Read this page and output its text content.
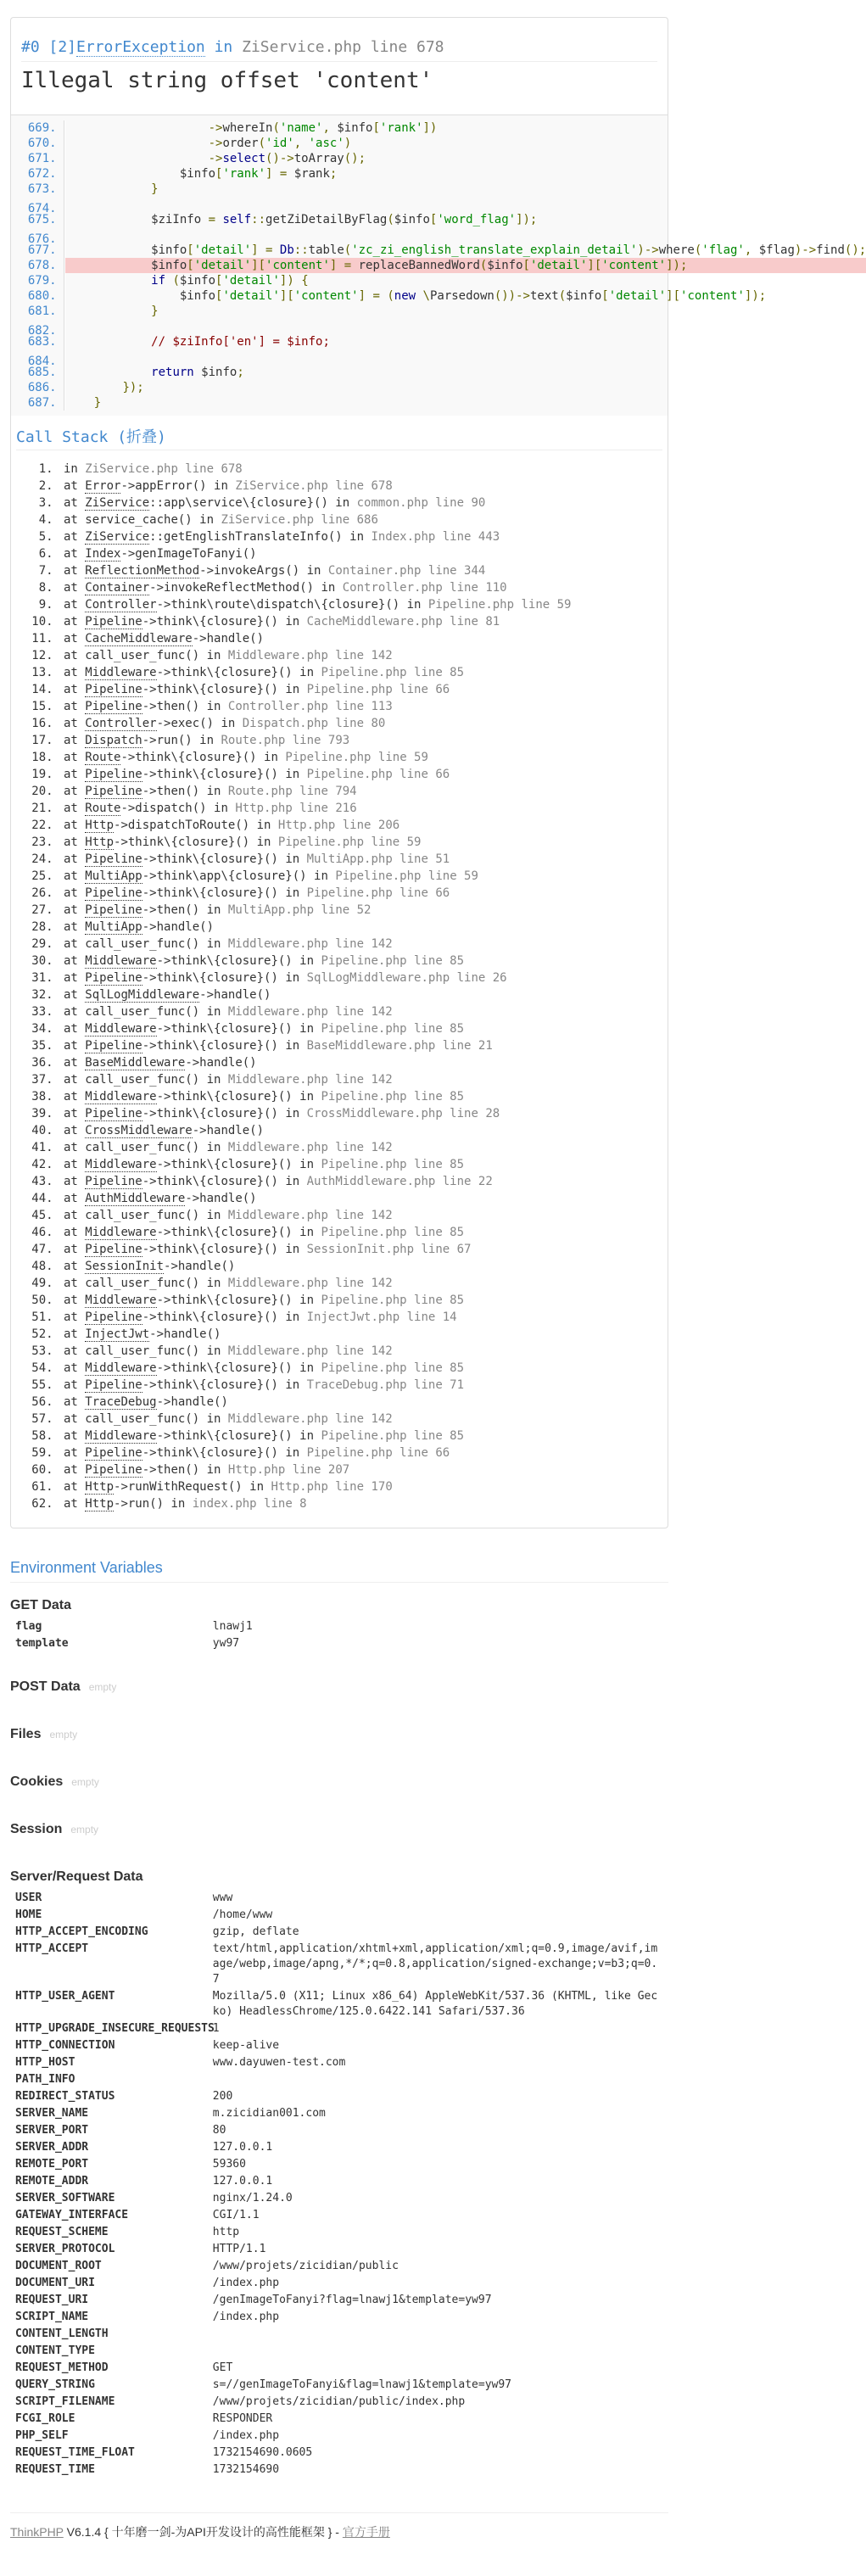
#0 [2]ErrorException in ZiService.php line 678
Illegal string offset 'content'
669.                     ->whereIn('name', $info['rank'])
670.                     ->order('id', 'asc')
671.                     ->select()->toArray();
672.                 $info['rank'] = $rank;
673.             }
674.
675.             $ziInfo = self::getZiDetailByFlag($info['word_flag']);
676.
677.             $info['detail'] = Db::table('zc_zi_english_translate_explain_detail')->where('flag', $flag)->find();
678.             $info['detail']['content'] = replaceBannedWord($info['detail']['content']);
679.             if ($info['detail']) {
680.                 $info['detail']['content'] = (new \Parsedown())->text($info['detail']['content']);
681.             }
682.
683.             // $ziInfo['en'] = $info;
684.
685.             return $info;
686.         });
687.     }
Call Stack (折叠)
1. in ZiService.php line 678
2. at Error->appError() in ZiService.php line 678
3. at ZiService::app\service\{closure}() in common.php line 90
4. at service_cache() in ZiService.php line 686
5. at ZiService::getEnglishTranslateInfo() in Index.php line 443
6. at Index->genImageToFanyi()
7. at ReflectionMethod->invokeArgs() in Container.php line 344
8. at Container->invokeReflectMethod() in Controller.php line 110
9. at Controller->think\route\dispatch\{closure}() in Pipeline.php line 59
10. at Pipeline->think\{closure}() in CacheMiddleware.php line 81
11. at CacheMiddleware->handle()
12. at call_user_func() in Middleware.php line 142
13. at Middleware->think\{closure}() in Pipeline.php line 85
14. at Pipeline->think\{closure}() in Pipeline.php line 66
15. at Pipeline->then() in Controller.php line 113
16. at Controller->exec() in Dispatch.php line 80
17. at Dispatch->run() in Route.php line 793
18. at Route->think\{closure}() in Pipeline.php line 59
19. at Pipeline->think\{closure}() in Pipeline.php line 66
20. at Pipeline->then() in Route.php line 794
21. at Route->dispatch() in Http.php line 216
22. at Http->dispatchToRoute() in Http.php line 206
23. at Http->think\{closure}() in Pipeline.php line 59
24. at Pipeline->think\{closure}() in MultiApp.php line 51
25. at MultiApp->think\app\{closure}() in Pipeline.php line 59
26. at Pipeline->think\{closure}() in Pipeline.php line 66
27. at Pipeline->then() in MultiApp.php line 52
28. at MultiApp->handle()
29. at call_user_func() in Middleware.php line 142
30. at Middleware->think\{closure}() in Pipeline.php line 85
31. at Pipeline->think\{closure}() in SqlLogMiddleware.php line 26
32. at SqlLogMiddleware->handle()
33. at call_user_func() in Middleware.php line 142
34. at Middleware->think\{closure}() in Pipeline.php line 85
35. at Pipeline->think\{closure}() in BaseMiddleware.php line 21
36. at BaseMiddleware->handle()
37. at call_user_func() in Middleware.php line 142
38. at Middleware->think\{closure}() in Pipeline.php line 85
39. at Pipeline->think\{closure}() in CrossMiddleware.php line 28
40. at CrossMiddleware->handle()
41. at call_user_func() in Middleware.php line 142
42. at Middleware->think\{closure}() in Pipeline.php line 85
43. at Pipeline->think\{closure}() in AuthMiddleware.php line 22
44. at AuthMiddleware->handle()
45. at call_user_func() in Middleware.php line 142
46. at Middleware->think\{closure}() in Pipeline.php line 85
47. at Pipeline->think\{closure}() in SessionInit.php line 67
48. at SessionInit->handle()
49. at call_user_func() in Middleware.php line 142
50. at Middleware->think\{closure}() in Pipeline.php line 85
51. at Pipeline->think\{closure}() in InjectJwt.php line 14
52. at InjectJwt->handle()
53. at call_user_func() in Middleware.php line 142
54. at Middleware->think\{closure}() in Pipeline.php line 85
55. at Pipeline->think\{closure}() in TraceDebug.php line 71
56. at TraceDebug->handle()
57. at call_user_func() in Middleware.php line 142
58. at Middleware->think\{closure}() in Pipeline.php line 85
59. at Pipeline->think\{closure}() in Pipeline.php line 66
60. at Pipeline->then() in Http.php line 207
61. at Http->runWithRequest() in Http.php line 170
62. at Http->run() in index.php line 8
Environment Variables
GET Data
flag	lnawj1
template	yw97
POST Data empty
Files empty
Cookies empty
Session empty
Server/Request Data
USER	www
HOME	/home/www
HTTP_ACCEPT_ENCODING	gzip, deflate
HTTP_ACCEPT	text/html,application/xhtml+xml,application/xml;q=0.9,image/avif,image/webp,image/apng,*/*;q=0.8,application/signed-exchange;v=b3;q=0.7
HTTP_USER_AGENT	Mozilla/5.0 (X11; Linux x86_64) AppleWebKit/537.36 (KHTML, like Gecko) HeadlessChrome/125.0.6422.141 Safari/537.36
HTTP_UPGRADE_INSECURE_REQUESTS	1
HTTP_CONNECTION	keep-alive
HTTP_HOST	www.dayuwen-test.com
PATH_INFO	
REDIRECT_STATUS	200
SERVER_NAME	m.zicidian001.com
SERVER_PORT	80
SERVER_ADDR	127.0.0.1
REMOTE_PORT	59360
REMOTE_ADDR	127.0.0.1
SERVER_SOFTWARE	nginx/1.24.0
GATEWAY_INTERFACE	CGI/1.1
REQUEST_SCHEME	http
SERVER_PROTOCOL	HTTP/1.1
DOCUMENT_ROOT	/www/projets/zicidian/public
DOCUMENT_URI	/index.php
REQUEST_URI	/genImageToFanyi?flag=lnawj1&template=yw97
SCRIPT_NAME	/index.php
CONTENT_LENGTH	
CONTENT_TYPE	
REQUEST_METHOD	GET
QUERY_STRING	s=//genImageToFanyi&flag=lnawj1&template=yw97
SCRIPT_FILENAME	/www/projets/zicidian/public/index.php
FCGI_ROLE	RESPONDER
PHP_SELF	/index.php
REQUEST_TIME_FLOAT	1732154690.0605
REQUEST_TIME	1732154690
ThinkPHP V6.1.4 { 十年磨一剑-为API开发设计的高性能框架 } - 官方手册
